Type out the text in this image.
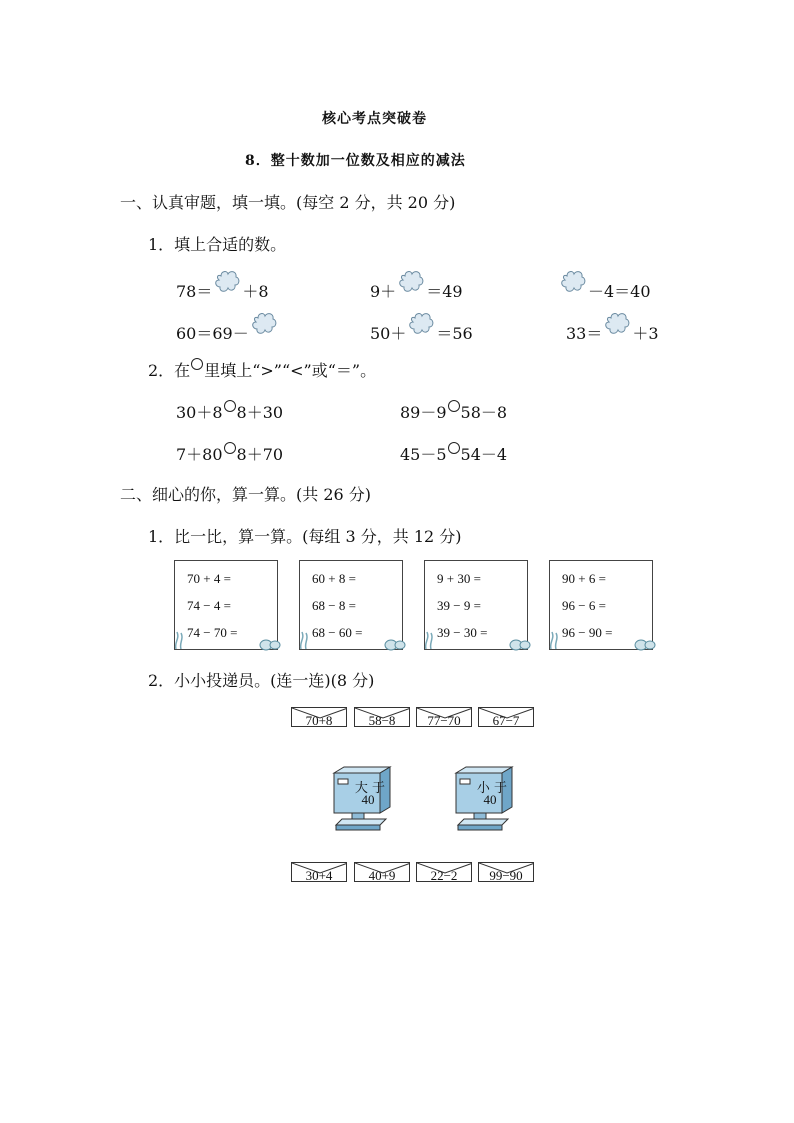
核心考点突破卷
8．整十数加一位数及相应的减法
一、认真审题，填一填。(每空 2 分，共 20 分)
1．填上合适的数。
78＝ ＋8	9＋ ＝49	－4＝40
60＝69－	50＋ ＝56	33＝ ＋3
2．在 里填上“>”“<”或“＝”。
30＋8 8＋30	89－9 58－8
7＋80 8＋70	45－5 54－4
二、细心的你，算一算。(共 26 分)
1．比一比，算一算。(每组 3 分，共 12 分)
70 + 4 =
74 − 4 =
74 − 70 =
60 + 8 =
68 − 8 =
68 − 60 =
9 + 30 =
39 − 9 =
39 − 30 =
90 + 6 =
96 − 6 =
96 − 90 =
2．小小投递员。(连一连)(8 分)
70+8	58−8	77−70	67−7
大 于
40
小 于
40
30+4	40+9	22−2	99−90
